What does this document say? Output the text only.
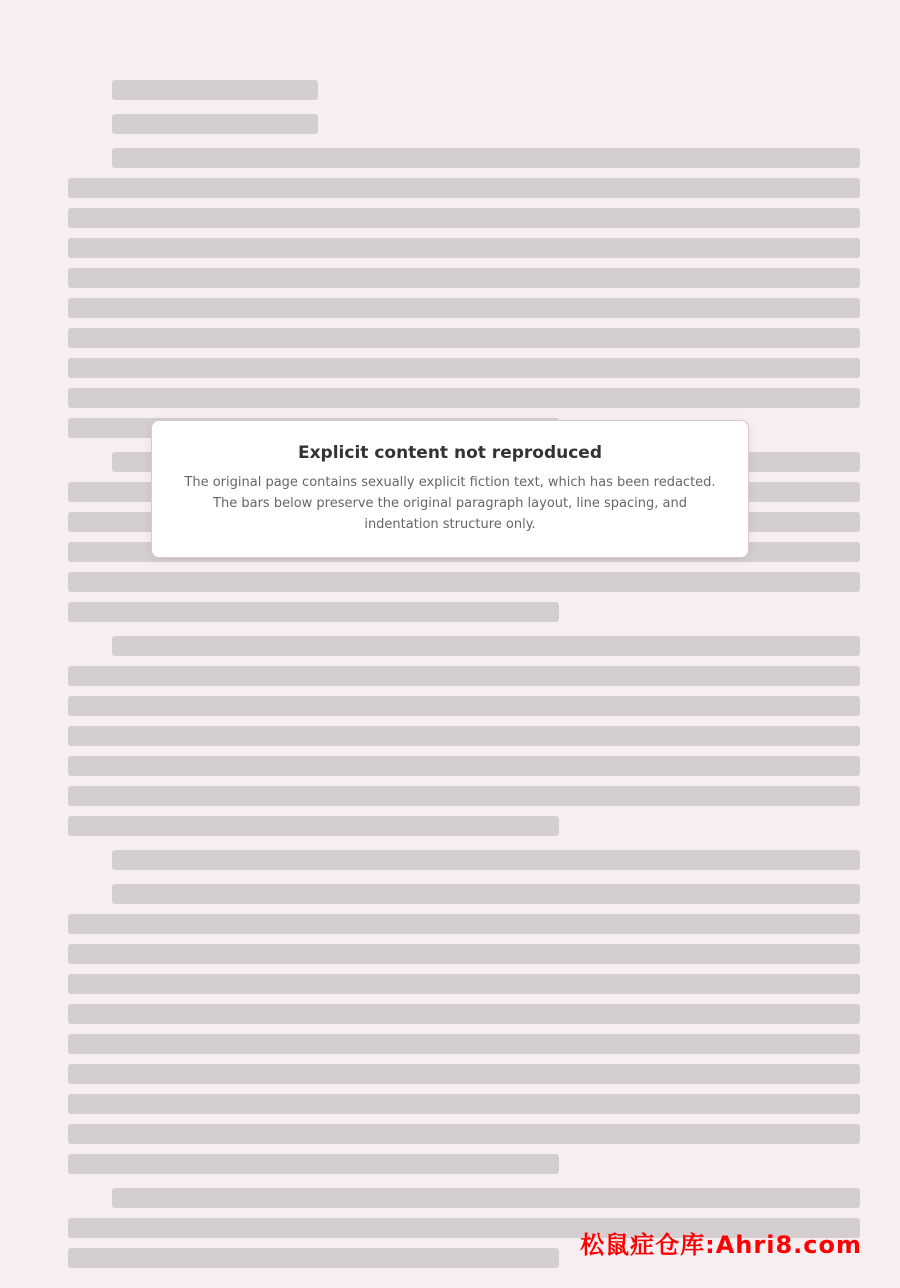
Explicit content not reproduced

The original page contains sexually explicit fiction text, which has been redacted. The bars below preserve the original paragraph layout, line spacing, and indentation structure only.

松鼠症仓库:Ahri8.com
